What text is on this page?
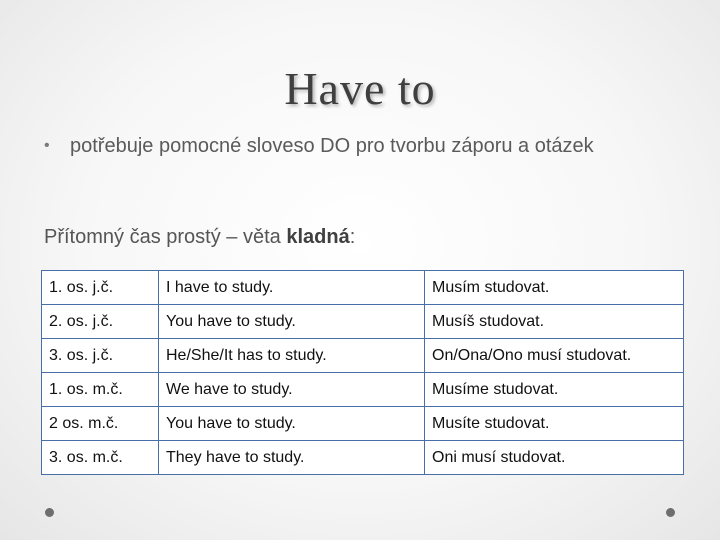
Have to
•	potřebuje pomocné sloveso DO pro tvorbu záporu a otázek
Přítomný čas prostý – věta kladná:
1. os. j.č.	I have to study.	Musím studovat.
2. os. j.č.	You have to study.	Musíš studovat.
3. os. j.č.	He/She/It has to study.	On/Ona/Ono musí studovat.
1. os. m.č.	We have to study.	Musíme studovat.
2 os. m.č.	You have to study.	Musíte studovat.
3. os. m.č.	They have to study.	Oni musí studovat.
